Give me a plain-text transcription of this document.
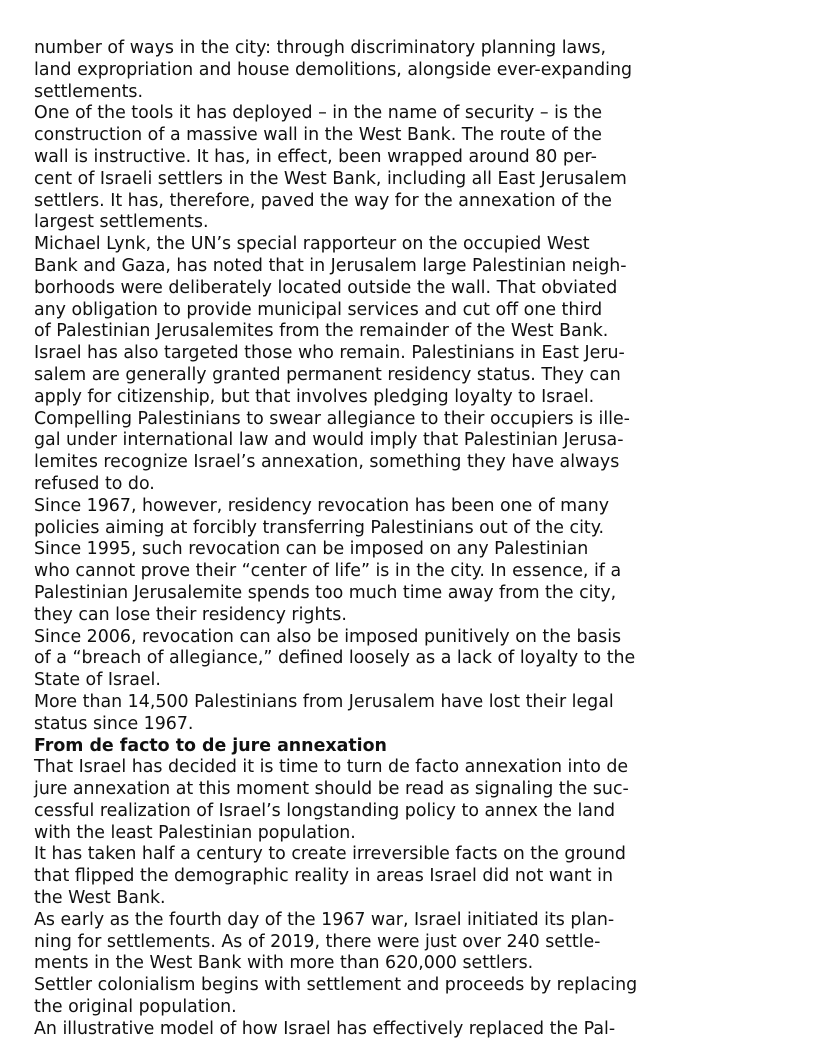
number of ways in the city: through discriminatory planning laws,
land expropriation and house demolitions, alongside ever-expanding
settlements.
One of the tools it has deployed – in the name of security – is the
construction of a massive wall in the West Bank. The route of the
wall is instructive. It has, in effect, been wrapped around 80 per-
cent of Israeli settlers in the West Bank, including all East Jerusalem
settlers. It has, therefore, paved the way for the annexation of the
largest settlements.
Michael Lynk, the UN’s special rapporteur on the occupied West
Bank and Gaza, has noted that in Jerusalem large Palestinian neigh-
borhoods were deliberately located outside the wall. That obviated
any obligation to provide municipal services and cut off one third
of Palestinian Jerusalemites from the remainder of the West Bank.
Israel has also targeted those who remain. Palestinians in East Jeru-
salem are generally granted permanent residency status. They can
apply for citizenship, but that involves pledging loyalty to Israel.
Compelling Palestinians to swear allegiance to their occupiers is ille-
gal under international law and would imply that Palestinian Jerusa-
lemites recognize Israel’s annexation, something they have always
refused to do.
Since 1967, however, residency revocation has been one of many
policies aiming at forcibly transferring Palestinians out of the city.
Since 1995, such revocation can be imposed on any Palestinian
who cannot prove their “center of life” is in the city. In essence, if a
Palestinian Jerusalemite spends too much time away from the city,
they can lose their residency rights.
Since 2006, revocation can also be imposed punitively on the basis
of a “breach of allegiance,” defined loosely as a lack of loyalty to the
State of Israel.
More than 14,500 Palestinians from Jerusalem have lost their legal
status since 1967.
From de facto to de jure annexation
That Israel has decided it is time to turn de facto annexation into de
jure annexation at this moment should be read as signaling the suc-
cessful realization of Israel’s longstanding policy to annex the land
with the least Palestinian population.
It has taken half a century to create irreversible facts on the ground
that flipped the demographic reality in areas Israel did not want in
the West Bank.
As early as the fourth day of the 1967 war, Israel initiated its plan-
ning for settlements. As of 2019, there were just over 240 settle-
ments in the West Bank with more than 620,000 settlers.
Settler colonialism begins with settlement and proceeds by replacing
the original population.
An illustrative model of how Israel has effectively replaced the Pal-
